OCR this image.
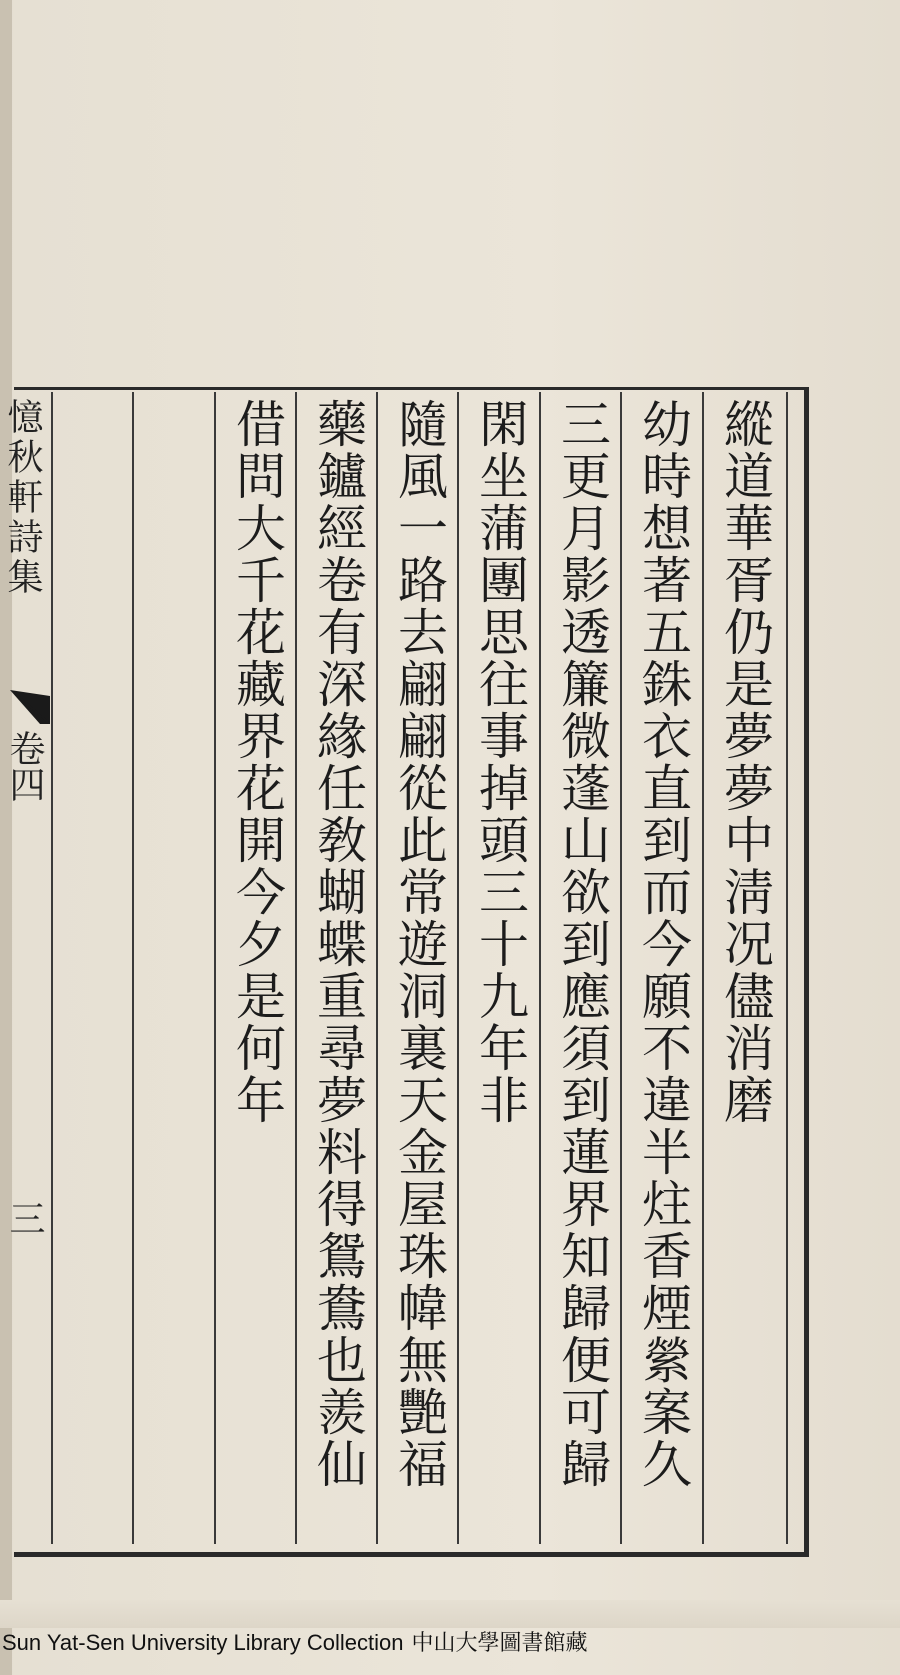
縱道華胥仍是夢夢中淸况儘消磨
幼時想著五銖衣直到而今願不違半炷香煙縈案久
三更月影透簾微蓬山欲到應須到蓮界知歸便可歸
閑坐蒲團思往事掉頭三十九年非
隨風一路去翩翩從此常遊洞裏天金屋珠幃無艷福
藥鑪經卷有深緣任敎蝴蝶重尋夢料得鴛鴦也羨仙
借問大千花藏界花開今夕是何年
憶秋軒詩集
卷四
三
Sun Yat-Sen University Library Collection 中山大學圖書館藏
